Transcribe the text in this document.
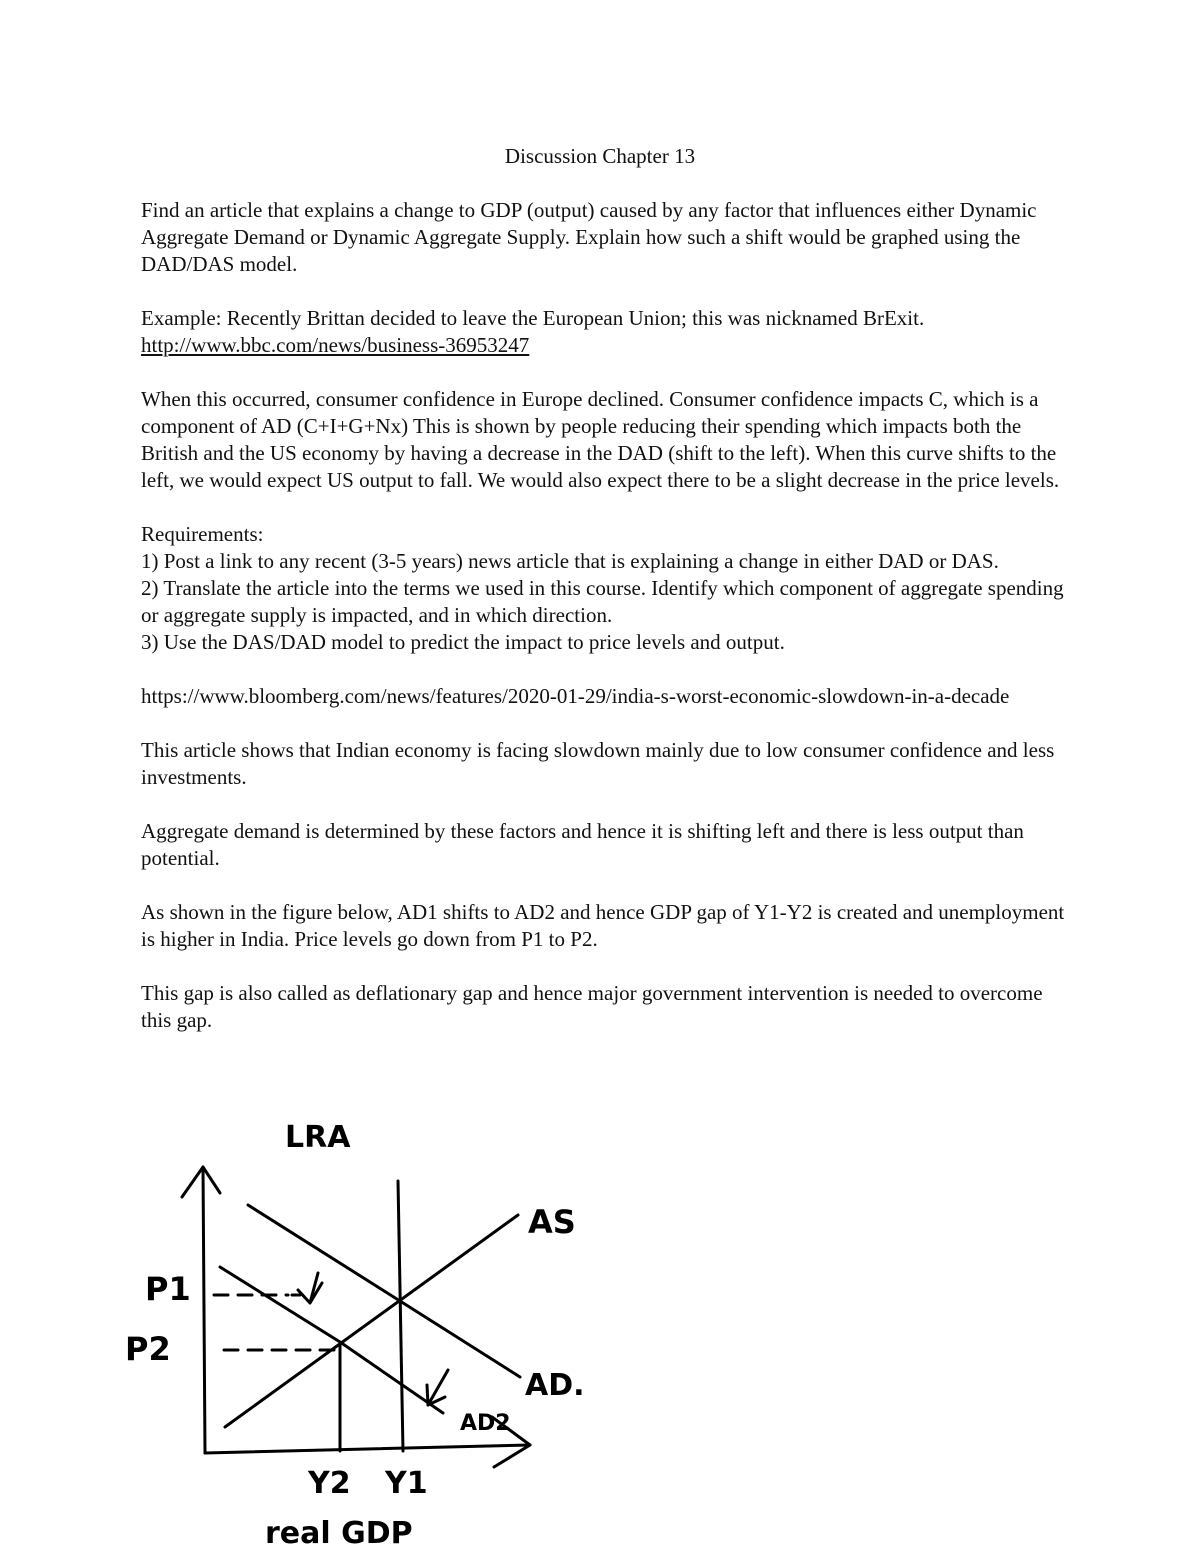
Discussion Chapter 13

Find an article that explains a change to GDP (output) caused by any factor that influences either Dynamic Aggregate Demand or Dynamic Aggregate Supply. Explain how such a shift would be graphed using the DAD/DAS model.

Example: Recently Brittan decided to leave the European Union; this was nicknamed BrExit.  http://www.bbc.com/news/business-36953247

When this occurred, consumer confidence in Europe declined. Consumer confidence impacts C, which is a component of AD (C+I+G+Nx) This is shown by people reducing their spending which impacts both the British and the US economy by having a decrease in the DAD (shift to the left). When this curve shifts to the left, we would expect US output to fall. We would also expect there to be a slight decrease in the price levels.

Requirements:
1) Post a link to any recent (3-5 years) news article that is explaining a change in either DAD or DAS.
2) Translate the article into the terms we used in this course. Identify which component of aggregate spending or aggregate supply is impacted, and in which direction.
3) Use the DAS/DAD model to predict the impact to price levels and output.

https://www.bloomberg.com/news/features/2020-01-29/india-s-worst-economic-slowdown-in-a-decade

This article shows that Indian economy is facing slowdown mainly due to low consumer confidence and less investments.

Aggregate demand is determined by these factors and hence it is shifting left and there is less output than potential.

As shown in the figure below, AD1 shifts to AD2 and hence GDP gap of Y1-Y2 is created and unemployment is higher in India. Price levels go down from P1 to P2.

This gap is also called as deflationary gap and hence major government intervention is needed to overcome this gap.

LRA
AS
AD.
AD2
P1
P2
Y2 Y1
real GDP
